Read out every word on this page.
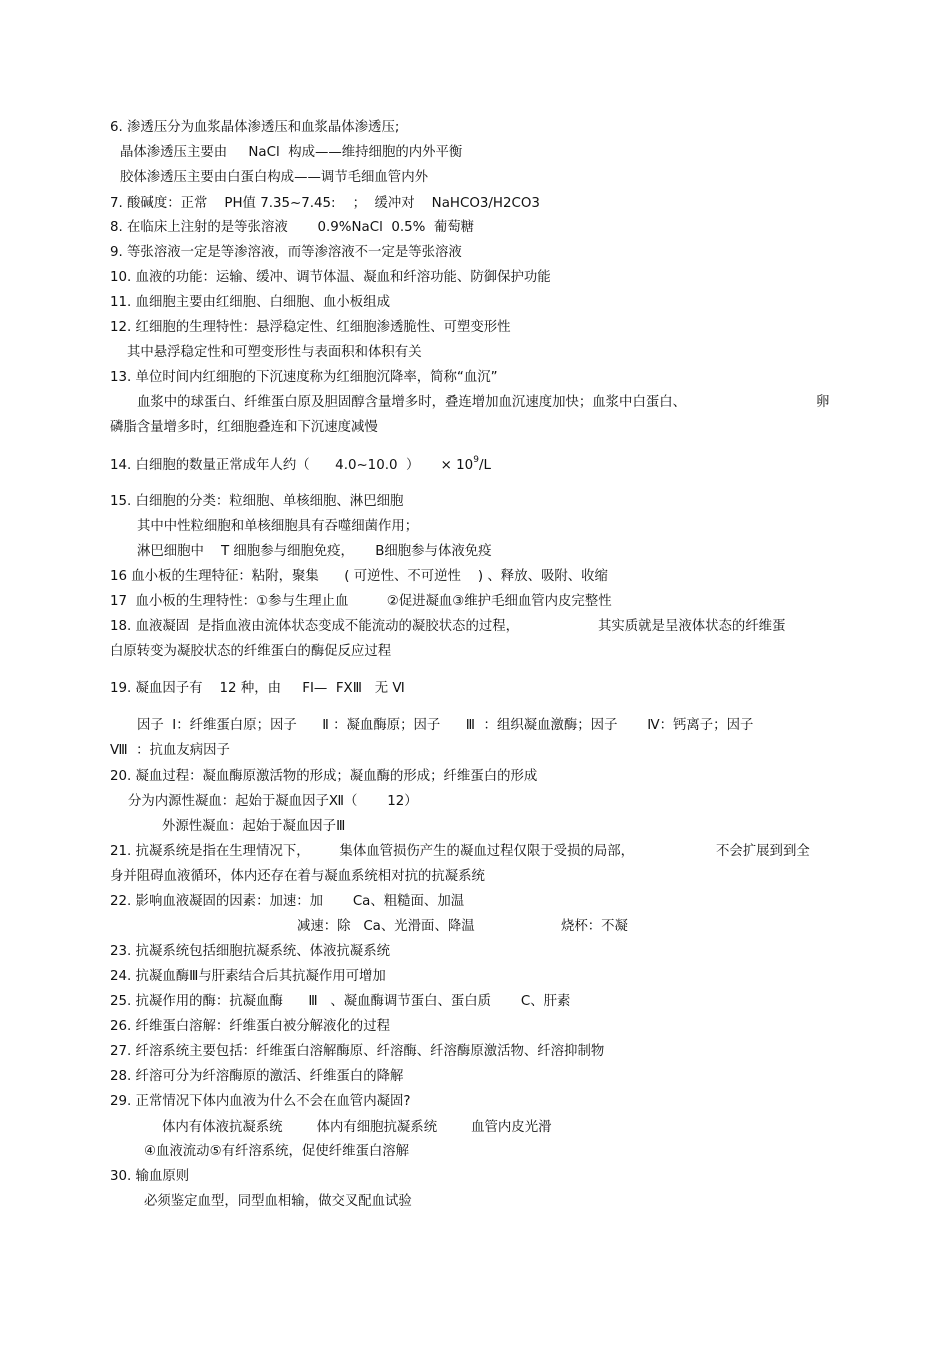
6. 渗透压分为血浆晶体渗透压和血浆晶体渗透压;
晶体渗透压主要由     NaCl  构成——维持细胞的内外平衡
胶体渗透压主要由白蛋白构成——调节毛细血管内外
7. 酸碱度：正常    PH值 7.35~7.45:    ；  缓冲对    NaHCO3/H2CO3
8. 在临床上注射的是等张溶液       0.9%NaCl  0.5%  葡萄糖
9. 等张溶液一定是等渗溶液，而等渗溶液不一定是等张溶液
10. 血液的功能：运输、缓冲、调节体温、凝血和纤溶功能、防御保护功能
11. 血细胞主要由红细胞、白细胞、血小板组成
12. 红细胞的生理特性：悬浮稳定性、红细胞渗透脆性、可塑变形性
其中悬浮稳定性和可塑变形性与表面积和体积有关
13. 单位时间内红细胞的下沉速度称为红细胞沉降率，简称“血沉”
血浆中的球蛋白、纤维蛋白原及胆固醇含量增多时，叠连增加血沉速度加快；血浆中白蛋白、	卵
磷脂含量增多时，红细胞叠连和下沉速度减慢
14. 白细胞的数量正常成年人约（      4.0~10.0  ）     × $10^9/L$
15. 白细胞的分类：粒细胞、单核细胞、淋巴细胞
其中中性粒细胞和单核细胞具有吞噬细菌作用；
淋巴细胞中    T 细胞参与细胞免疫，     B细胞参与体液免疫
16 血小板的生理特征：粘附，聚集      ( 可逆性、不可逆性    ) 、释放、吸附、收缩
17  血小板的生理特性：①参与生理止血         ②促进凝血③维护毛细血管内皮完整性
18. 血液凝固  是指血液由流体状态变成不能流动的凝胶状态的过程，	其实质就是呈液体状态的纤维蛋
白原转变为凝胶状态的纤维蛋白的酶促反应过程
19. 凝血因子有    12 种，由     FⅠ—  FⅩⅢ   无 Ⅵ
因子  Ⅰ：纤维蛋白原；因子      Ⅱ ：凝血酶原；因子      Ⅲ  ：组织凝血激酶；因子       Ⅳ：钙离子；因子
Ⅷ  ：抗血友病因子
20. 凝血过程：凝血酶原激活物的形成；凝血酶的形成；纤维蛋白的形成
分为内源性凝血：起始于凝血因子Ⅻ（       12）
外源性凝血：起始于凝血因子Ⅲ
21. 抗凝系统是指在生理情况下，       集体血管损伤产生的凝血过程仅限于受损的局部，	不会扩展到到全
身并阻碍血液循环，体内还存在着与凝血系统相对抗的抗凝系统
22. 影响血液凝固的因素：加速：加       Ca、粗糙面、加温
减速：除   Ca、光滑面、降温	烧杯：不凝
23. 抗凝系统包括细胞抗凝系统、体液抗凝系统
24. 抗凝血酶Ⅲ与肝素结合后其抗凝作用可增加
25. 抗凝作用的酶：抗凝血酶      Ⅲ   、凝血酶调节蛋白、蛋白质       C、肝素
26. 纤维蛋白溶解：纤维蛋白被分解液化的过程
27. 纤溶系统主要包括：纤维蛋白溶解酶原、纤溶酶、纤溶酶原激活物、纤溶抑制物
28. 纤溶可分为纤溶酶原的激活、纤维蛋白的降解
29. 正常情况下体内血液为什么不会在血管内凝固?
体内有体液抗凝系统        体内有细胞抗凝系统        血管内皮光滑
④血液流动⑤有纤溶系统，促使纤维蛋白溶解
30. 输血原则
必须鉴定血型，同型血相输，做交叉配血试验
